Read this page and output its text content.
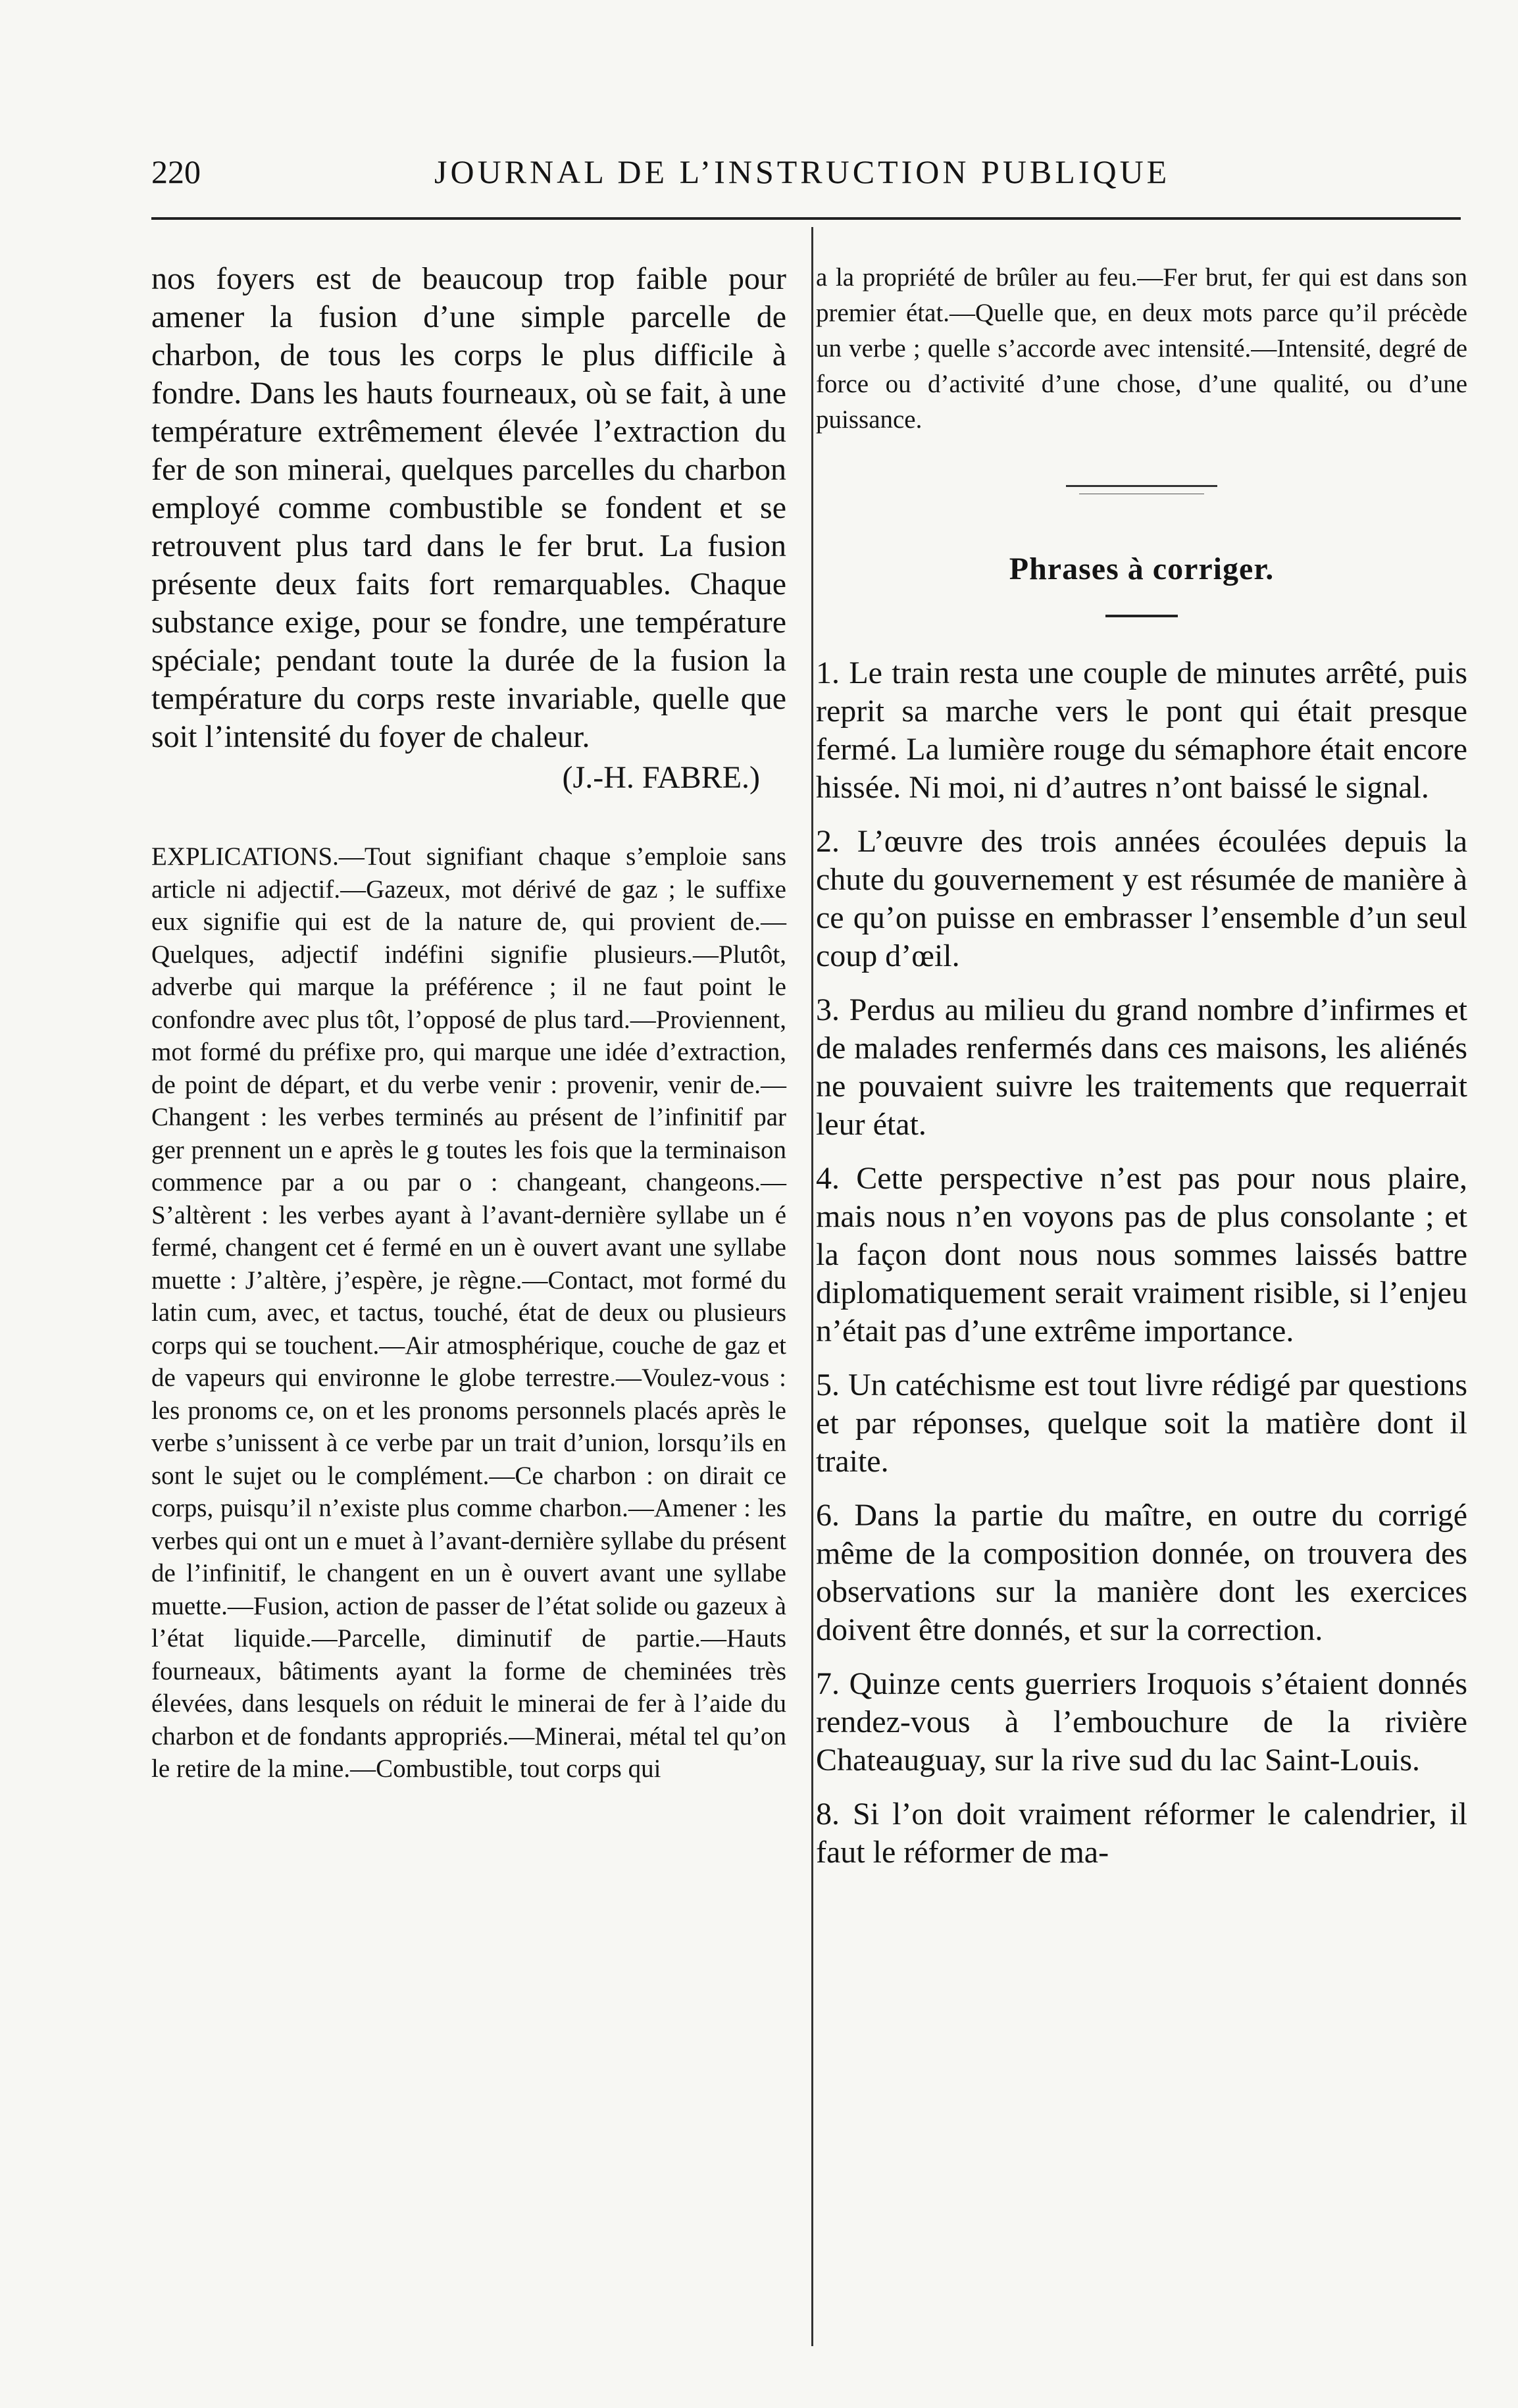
220	JOURNAL DE L’INSTRUCTION PUBLIQUE

nos foyers est de beaucoup trop faible pour amener la fusion d’une simple parcelle de charbon, de tous les corps le plus difficile à fondre. Dans les hauts fourneaux, où se fait, à une température extrêmement élevée l’extraction du fer de son minerai, quelques parcelles du charbon employé comme combustible se fondent et se retrouvent plus tard dans le fer brut. La fusion présente deux faits fort remarquables. Chaque substance exige, pour se fondre, une température spéciale; pendant toute la durée de la fusion la température du corps reste invariable, quelle que soit l’intensité du foyer de chaleur.

(J.-H. FABRE.)

EXPLICATIONS.—Tout signifiant chaque s’emploie sans article ni adjectif.—Gazeux, mot dérivé de gaz ; le suffixe eux signifie qui est de la nature de, qui provient de.—Quelques, adjectif indéfini signifie plusieurs.—Plutôt, adverbe qui marque la préférence ; il ne faut point le confondre avec plus tôt, l’opposé de plus tard.—Proviennent, mot formé du préfixe pro, qui marque une idée d’extraction, de point de départ, et du verbe venir : provenir, venir de.—Changent : les verbes terminés au présent de l’infinitif par ger prennent un e après le g toutes les fois que la terminaison commence par a ou par o : changeant, changeons.—S’altèrent : les verbes ayant à l’avant-dernière syllabe un é fermé, changent cet é fermé en un è ouvert avant une syllabe muette : J’altère, j’espère, je règne.—Contact, mot formé du latin cum, avec, et tactus, touché, état de deux ou plusieurs corps qui se touchent.—Air atmosphérique, couche de gaz et de vapeurs qui environne le globe terrestre.—Voulez-vous : les pronoms ce, on et les pronoms personnels placés après le verbe s’unissent à ce verbe par un trait d’union, lorsqu’ils en sont le sujet ou le complément.—Ce charbon : on dirait ce corps, puisqu’il n’existe plus comme charbon.—Amener : les verbes qui ont un e muet à l’avant-dernière syllabe du présent de l’infinitif, le changent en un è ouvert avant une syllabe muette.—Fusion, action de passer de l’état solide ou gazeux à l’état liquide.—Parcelle, diminutif de partie.—Hauts fourneaux, bâtiments ayant la forme de cheminées très élevées, dans lesquels on réduit le minerai de fer à l’aide du charbon et de fondants appropriés.—Minerai, métal tel qu’on le retire de la mine.—Combustible, tout corps qui

a la propriété de brûler au feu.—Fer brut, fer qui est dans son premier état.—Quelle que, en deux mots parce qu’il précède un verbe ; quelle s’accorde avec intensité.—Intensité, degré de force ou d’activité d’une chose, d’une qualité, ou d’une puissance.

Phrases à corriger.

1. Le train resta une couple de minutes arrêté, puis reprit sa marche vers le pont qui était presque fermé. La lumière rouge du sémaphore était encore hissée. Ni moi, ni d’autres n’ont baissé le signal.

2. L’œuvre des trois années écoulées depuis la chute du gouvernement y est résumée de manière à ce qu’on puisse en embrasser l’ensemble d’un seul coup d’œil.

3. Perdus au milieu du grand nombre d’infirmes et de malades renfermés dans ces maisons, les aliénés ne pouvaient suivre les traitements que requerrait leur état.

4. Cette perspective n’est pas pour nous plaire, mais nous n’en voyons pas de plus consolante ; et la façon dont nous nous sommes laissés battre diplomatiquement serait vraiment risible, si l’enjeu n’était pas d’une extrême importance.

5. Un catéchisme est tout livre rédigé par questions et par réponses, quelque soit la matière dont il traite.

6. Dans la partie du maître, en outre du corrigé même de la composition donnée, on trouvera des observations sur la manière dont les exercices doivent être donnés, et sur la correction.

7. Quinze cents guerriers Iroquois s’étaient donnés rendez-vous à l’embouchure de la rivière Chateauguay, sur la rive sud du lac Saint-Louis.

8. Si l’on doit vraiment réformer le calendrier, il faut le réformer de ma-
